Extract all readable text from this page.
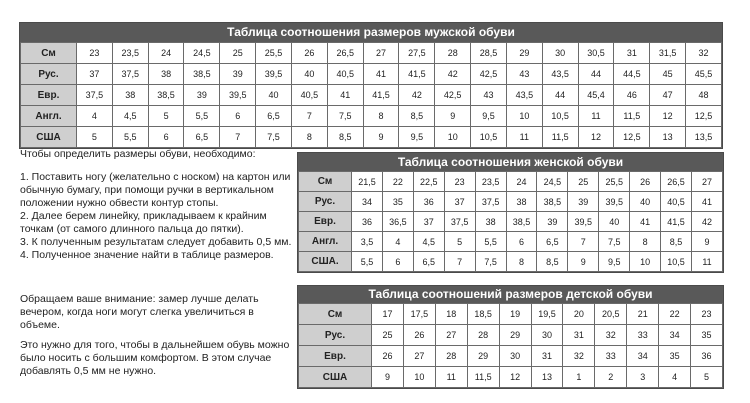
Таблица соотношения размеров мужской обуви
См	23	23,5	24	24,5	25	25,5	26	26,5	27	27,5	28	28,5	29	30	30,5	31	31,5	32
Рус.	37	37,5	38	38,5	39	39,5	40	40,5	41	41,5	42	42,5	43	43,5	44	44,5	45	45,5
Евр.	37,5	38	38,5	39	39,5	40	40,5	41	41,5	42	42,5	43	43,5	44	45,4	46	47	48
Англ.	4	4,5	5	5,5	6	6,5	7	7,5	8	8,5	9	9,5	10	10,5	11	11,5	12	12,5
США	5	5,5	6	6,5	7	7,5	8	8,5	9	9,5	10	10,5	11	11,5	12	12,5	13	13,5

Чтобы определить размеры обуви, необходимо:

1. Поставить ногу (желательно с носком) на картон или обычную бумагу, при помощи ручки в вертикальном положении нужно обвести контур стопы.
2. Далее берем линейку, прикладываем к крайним точкам (от самого длинного пальца до пятки).
3. К полученным результатам следует добавить 0,5 мм.
4. Полученное значение найти в таблице размеров.

Обращаем ваше внимание: замер лучше делать вечером, когда ноги могут слегка увеличиться в объеме.

Это нужно для того, чтобы в дальнейшем обувь можно было носить с большим комфортом. В этом случае добавлять 0,5 мм не нужно.

Таблица соотношения женской обуви
См	21,5	22	22,5	23	23,5	24	24,5	25	25,5	26	26,5	27
Рус.	34	35	36	37	37,5	38	38,5	39	39,5	40	40,5	41
Евр.	36	36,5	37	37,5	38	38,5	39	39,5	40	41	41,5	42
Англ.	3,5	4	4,5	5	5,5	6	6,5	7	7,5	8	8,5	9
США.	5,5	6	6,5	7	7,5	8	8,5	9	9,5	10	10,5	11
Таблица соотношений размеров детской обуви
См	17	17,5	18	18,5	19	19,5	20	20,5	21	22	23
Рус.	25	26	27	28	29	30	31	32	33	34	35
Евр.	26	27	28	29	30	31	32	33	34	35	36
США	9	10	11	11,5	12	13	1	2	3	4	5
